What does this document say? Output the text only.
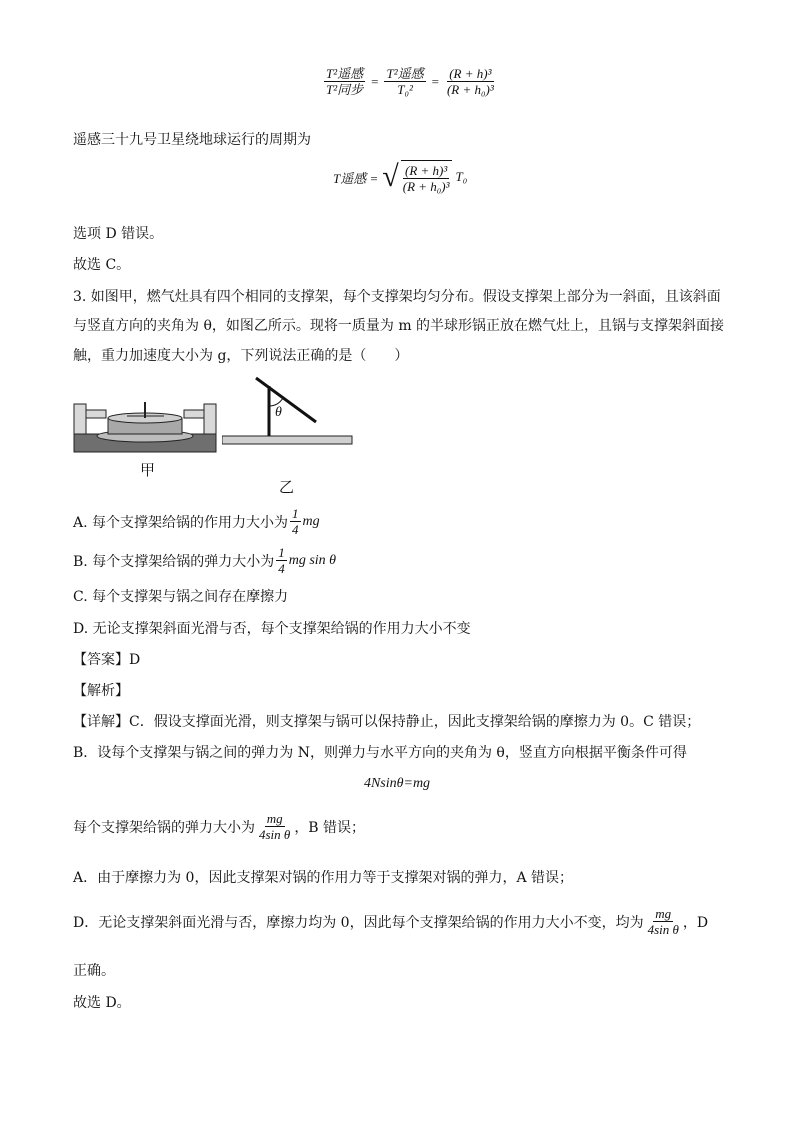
$\frac{\text{T²遥感}}{\text{T²同步}} = \frac{\text{T²遥感}}{\text{T₀²}} = \frac{\text{(R + h)³}}{\text{(R + h₀)³}}$
遥感三十九号卫星绕地球运行的周期为
T遥感 = √ $\frac{\text{(R + h)³}}{\text{(R + h₀)³}} T_0$
选项 D 错误。
故选 C。
3. 如图甲，燃气灶具有四个相同的支撑架，每个支撑架均匀分布。假设支撑架上部分为一斜面，且该斜面
与竖直方向的夹角为 θ，如图乙所示。现将一质量为 m 的半球形锅正放在燃气灶上，且锅与支撑架斜面接
触，重力加速度大小为 g，下列说法正确的是（　　）
甲
θ
乙
A. 每个支撑架给锅的作用力大小为 $\frac{1}{4}$ mg
B. 每个支撑架给锅的弹力大小为 $\frac{1}{4}$ mg sin θ
C. 每个支撑架与锅之间存在摩擦力
D. 无论支撑架斜面光滑与否，每个支撑架给锅的作用力大小不变
【答案】D
【解析】
【详解】C．假设支撑面光滑，则支撑架与锅可以保持静止，因此支撑架给锅的摩擦力为 0。C 错误；
B．设每个支撑架与锅之间的弹力为 N，则弹力与水平方向的夹角为 θ，竖直方向根据平衡条件可得
4Nsinθ=mg
每个支撑架给锅的弹力大小为 $\frac{mg}{\text{4sin θ}}$ ，B 错误；
A．由于摩擦力为 0，因此支撑架对锅的作用力等于支撑架对锅的弹力，A 错误；
D．无论支撑架斜面光滑与否，摩擦力均为 0，因此每个支撑架给锅的作用力大小不变，均为 $\frac{mg}{\text{4sin θ}}$ ，D
正确。
故选 D。
